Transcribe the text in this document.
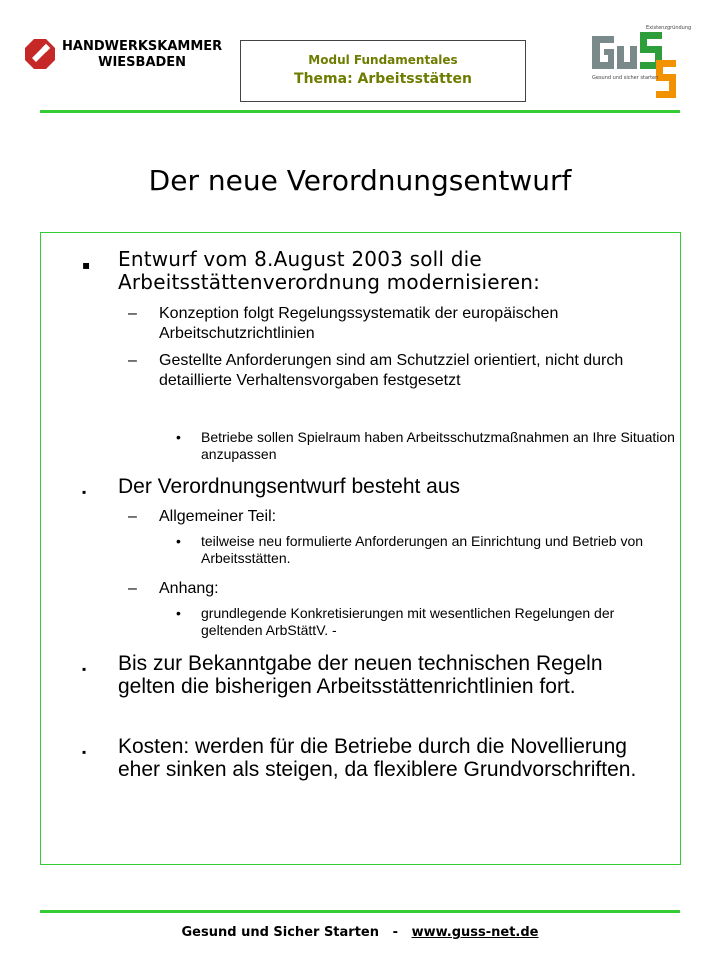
HANDWERKSKAMMER
WIESBADEN	Modul Fundamentales
Thema: Arbeitsstätten
Existenzgründung
Gesund und sicher starten
Der neue Verordnungsentwurf
▪ Entwurf vom 8.August 2003 soll die Arbeitsstättenverordnung modernisieren:
– Konzeption folgt Regelungssystematik der europäischen Arbeitschutzrichtlinien
– Gestellte Anforderungen sind am Schutzziel orientiert, nicht durch detaillierte Verhaltensvorgaben festgesetzt
• Betriebe sollen Spielraum haben Arbeitsschutzmaßnahmen an Ihre Situation anzupassen
▪ Der Verordnungsentwurf besteht aus
– Allgemeiner Teil:
• teilweise neu formulierte Anforderungen an Einrichtung und Betrieb von Arbeitsstätten.
– Anhang:
• grundlegende Konkretisierungen mit wesentlichen Regelungen der geltenden ArbStättV. -
▪ Bis zur Bekanntgabe der neuen technischen Regeln gelten die bisherigen Arbeitsstättenrichtlinien fort.
▪ Kosten: werden für die Betriebe durch die Novellierung eher sinken als steigen, da flexiblere Grundvorschriften.
Gesund und Sicher Starten - www.guss-net.de
